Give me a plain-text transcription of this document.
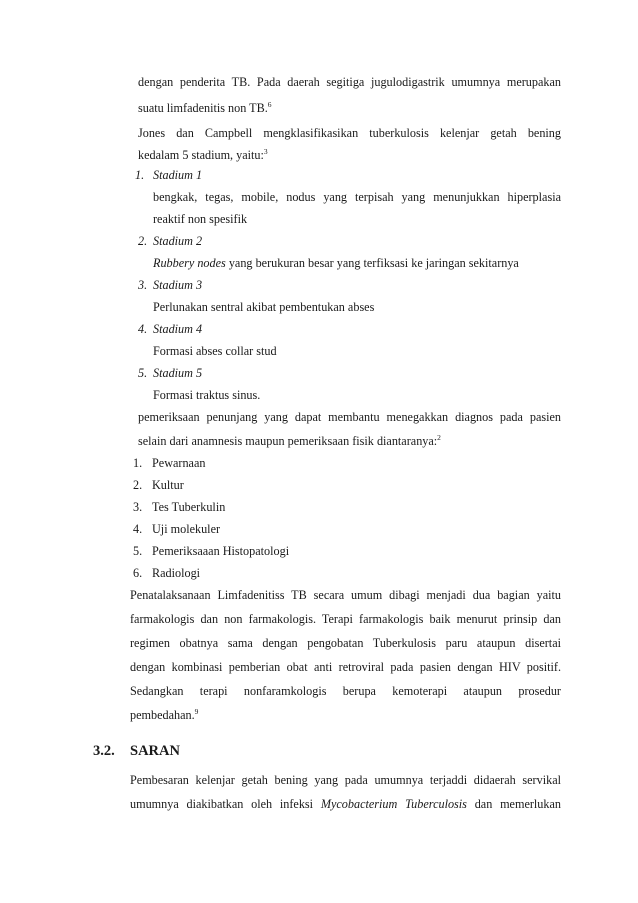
dengan penderita TB. Pada daerah segitiga jugulodigastrik umumnya merupakan
suatu limfadenitis non TB.$^6$
Jones dan Campbell mengklasifikasikan tuberkulosis kelenjar getah bening
kedalam 5 stadium, yaitu:$^3$
1. Stadium 1
bengkak, tegas, mobile, nodus yang terpisah yang menunjukkan hiperplasia
reaktif non spesifik
2. Stadium 2
Rubbery nodes yang berukuran besar yang terfiksasi ke jaringan sekitarnya
3. Stadium 3
Perlunakan sentral akibat pembentukan abses
4. Stadium 4
Formasi abses collar stud
5. Stadium 5
Formasi traktus sinus.
pemeriksaan penunjang yang dapat membantu menegakkan diagnos pada pasien
selain dari anamnesis maupun pemeriksaan fisik diantaranya:$^2$
1. Pewarnaan
2. Kultur
3. Tes Tuberkulin
4. Uji molekuler
5. Pemeriksaaan Histopatologi
6. Radiologi
Penatalaksanaan Limfadenitiss TB secara umum dibagi menjadi dua bagian yaitu
farmakologis dan non farmakologis. Terapi farmakologis baik menurut prinsip dan
regimen obatnya sama dengan pengobatan Tuberkulosis paru ataupun disertai
dengan kombinasi pemberian obat anti retroviral pada pasien dengan HIV positif.
Sedangkan terapi nonfaramkologis berupa kemoterapi ataupun prosedur
pembedahan.$^9$
3.2. SARAN
Pembesaran kelenjar getah bening yang pada umumnya terjaddi didaerah servikal
umumnya diakibatkan oleh infeksi Mycobacterium Tuberculosis dan memerlukan
